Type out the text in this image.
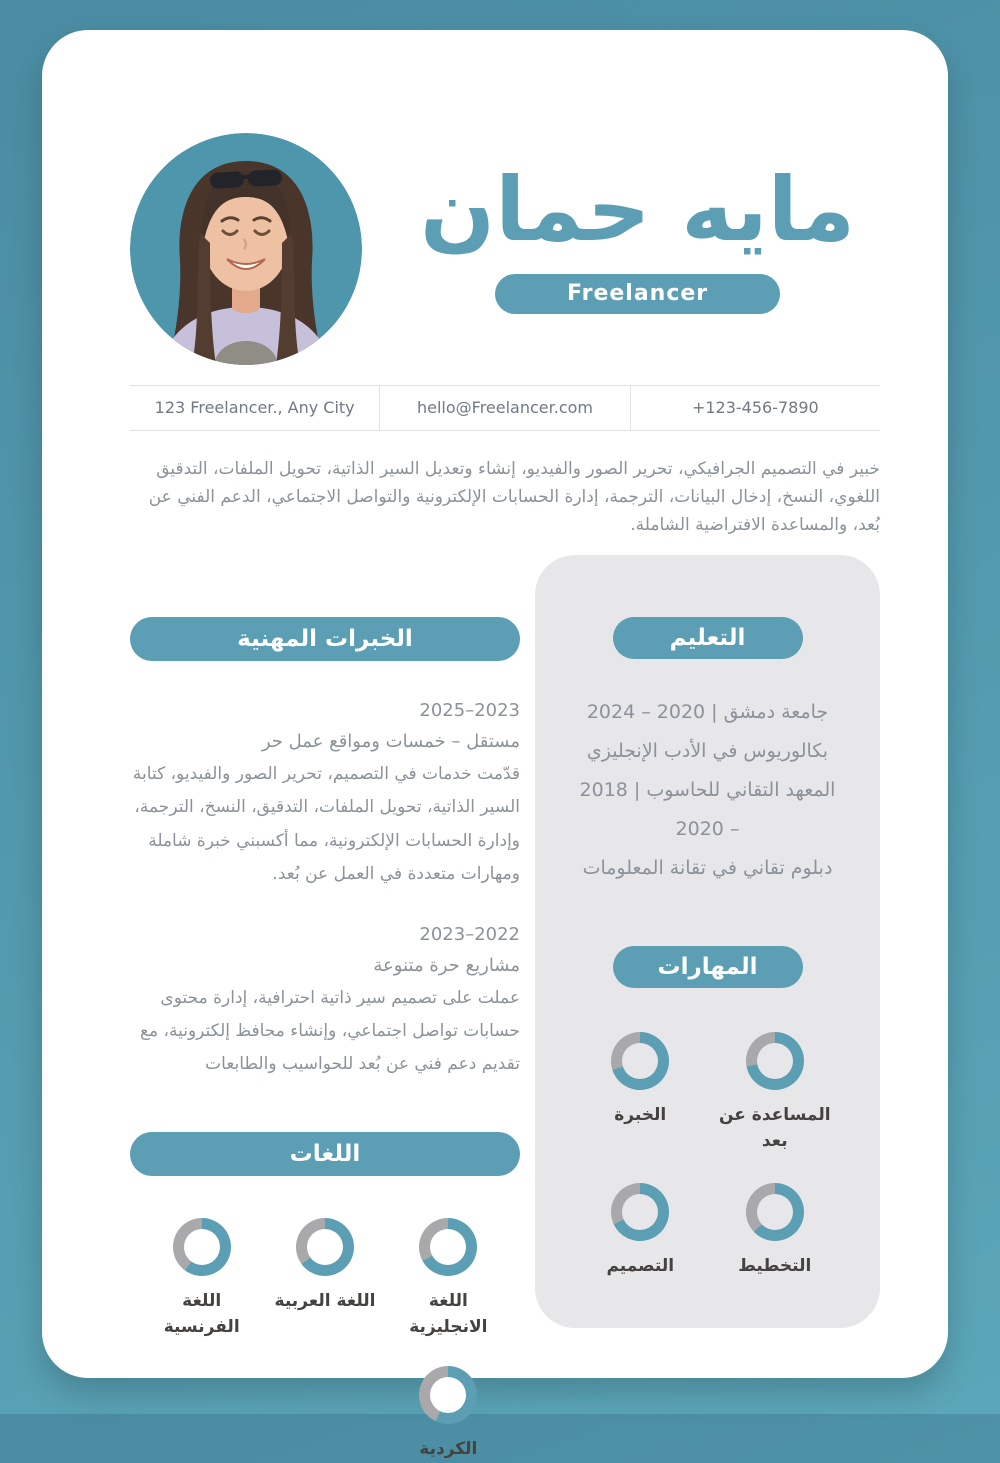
مايه حمان
Freelancer
123 Freelancer., Any City	hello@Freelancer.com	+123-456-7890

خبير في التصميم الجرافيكي، تحرير الصور والفيديو، إنشاء وتعديل السير الذاتية، تحويل الملفات، التدقيق اللغوي، النسخ، إدخال البيانات، الترجمة، إدارة الحسابات الإلكترونية والتواصل الاجتماعي، الدعم الفني عن بُعد، والمساعدة الافتراضية الشاملة.

الخبرات المهنية
2023–2025
مستقل – خمسات ومواقع عمل حر

قدّمت خدمات في التصميم، تحرير الصور والفيديو، كتابة السير الذاتية، تحويل الملفات، التدقيق، النسخ، الترجمة، وإدارة الحسابات الإلكترونية، مما أكسبني خبرة شاملة ومهارات متعددة في العمل عن بُعد.

2022–2023
مشاريع حرة متنوعة

عملت على تصميم سير ذاتية احترافية، إدارة محتوى حسابات تواصل اجتماعي، وإنشاء محافظ إلكترونية، مع تقديم دعم فني عن بُعد للحواسيب والطابعات

اللغات
اللغة الانجليزية
اللغة العربية
اللغة الفرنسية
الكردية
التعليم

جامعة دمشق | 2020 – 2024

بكالوريوس في الأدب الإنجليزي

المعهد التقاني للحاسوب | 2018 – 2020

دبلوم تقاني في تقانة المعلومات

المهارات
المساعدة عن بعد
الخبرة
التخطيط
التصميم
